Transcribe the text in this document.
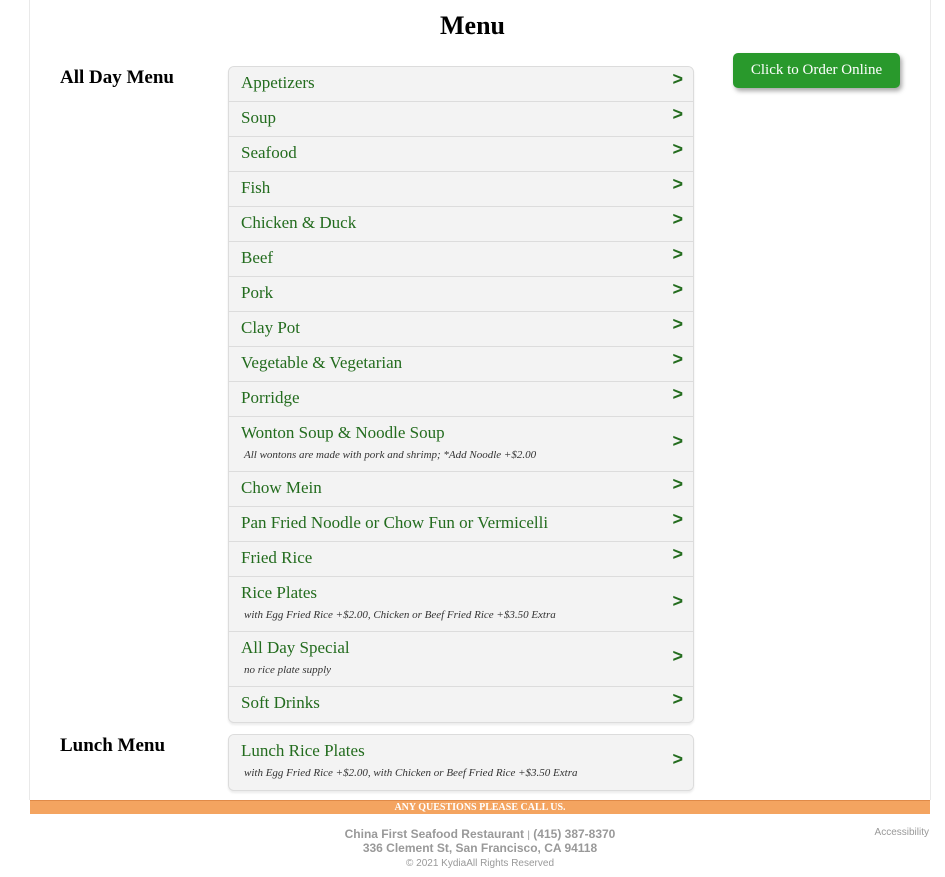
Menu
All Day Menu	Appetizers	>
Soup	>
Seafood	>
Fish	>
Chicken & Duck	>
Beef	>
Pork	>
Clay Pot	>
Vegetable & Vegetarian	>
Porridge	>
Wonton Soup & Noodle Soup
All wontons are made with pork and shrimp; *Add Noodle +$2.00
>
Chow Mein	>
Pan Fried Noodle or Chow Fun or Vermicelli	>
Fried Rice	>
Rice Plates
with Egg Fried Rice +$2.00, Chicken or Beef Fried Rice +$3.50 Extra
>
All Day Special
no rice plate supply
>
Soft Drinks	>
Lunch Menu	Lunch Rice Plates
with Egg Fried Rice +$2.00, with Chicken or Beef Fried Rice +$3.50 Extra
>
Click to Order Online
ANY QUESTIONS PLEASE CALL US.
China First Seafood Restaurant | (415) 387-8370
336 Clement St, San Francisco, CA 94118
© 2021 KydiaAll Rights Reserved
Accessibility
